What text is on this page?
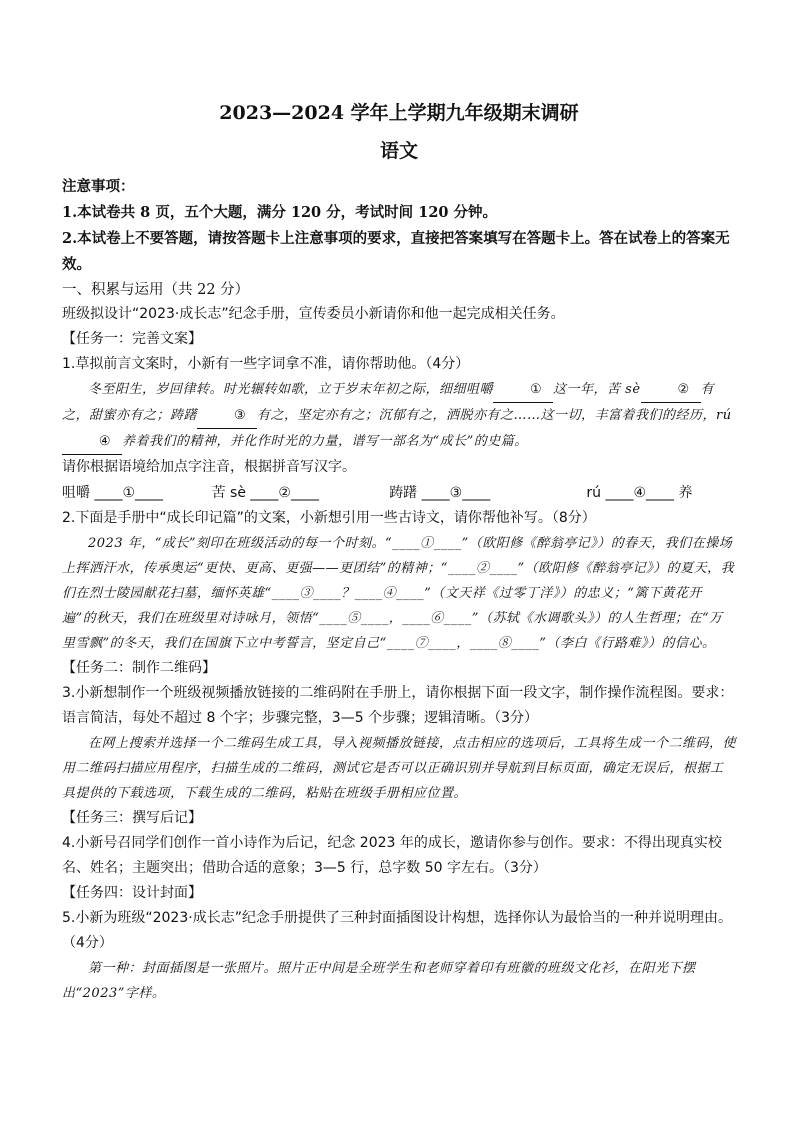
2023—2024 学年上学期九年级期末调研
语文

注意事项：

1.本试卷共 8 页，五个大题，满分 120 分，考试时间 120 分钟。

2.本试卷上不要答题，请按答题卡上注意事项的要求，直接把答案填写在答题卡上。答在试卷上的答案无效。

一、积累与运用（共 22 分）

班级拟设计“2023·成长志”纪念手册，宣传委员小新请你和他一起完成相关任务。

【任务一：完善文案】

1.草拟前言文案时，小新有一些字词拿不准，请你帮助他。（4分）

冬至阳生，岁回律转。时光辗转如歌，立于岁末年初之际，细细咀嚼	① 这一年，苦 sè	② 有之，甜蜜亦有之；踌躇	③ 有之，坚定亦有之；沉郁有之，洒脱亦有之……这一切，丰富着我们的经历，rú④ 养着我们的精神，并化作时光的力量，谱写一部名为“成长”的史篇。

请你根据语境给加点字注音，根据拼音写汉字。

咀嚼 ____①____	苦 sè ____②____	踌躇 ____③____	rú ____④____ 养

2.下面是手册中“成长印记篇”的文案，小新想引用一些古诗文，请你帮他补写。（8分）

2023 年，“成长”刻印在班级活动的每一个时刻。“____①____”（欧阳修《醉翁亭记》）的春天，我们在操场上挥洒汗水，传承奥运“更快、更高、更强——更团结”的精神；“____②____”（欧阳修《醉翁亭记》）的夏天，我们在烈士陵园献花扫墓，缅怀英雄“____③____？____④____”（文天祥《过零丁洋》）的忠义；“篱下黄花开遍”的秋天，我们在班级里对诗咏月，领悟“____⑤____，____⑥____”（苏轼《水调歌头》）的人生哲理；在“万里雪飘”的冬天，我们在国旗下立中考誓言，坚定自己“____⑦____，____⑧____”（李白《行路难》）的信心。

【任务二：制作二维码】

3.小新想制作一个班级视频播放链接的二维码附在手册上，请你根据下面一段文字，制作操作流程图。要求：语言简洁，每处不超过 8 个字；步骤完整，3—5 个步骤；逻辑清晰。（3分）

在网上搜索并选择一个二维码生成工具，导入视频播放链接，点击相应的选项后，工具将生成一个二维码，使用二维码扫描应用程序，扫描生成的二维码，测试它是否可以正确识别并导航到目标页面，确定无误后，根据工具提供的下载选项，下载生成的二维码，粘贴在班级手册相应位置。

【任务三：撰写后记】

4.小新号召同学们创作一首小诗作为后记，纪念 2023 年的成长，邀请你参与创作。要求：不得出现真实校名、姓名；主题突出；借助合适的意象；3—5 行，总字数 50 字左右。（3分）

【任务四：设计封面】

5.小新为班级“2023·成长志”纪念手册提供了三种封面插图设计构想，选择你认为最恰当的一种并说明理由。（4分）

第一种：封面插图是一张照片。照片正中间是全班学生和老师穿着印有班徽的班级文化衫，在阳光下摆出“2023”字样。
